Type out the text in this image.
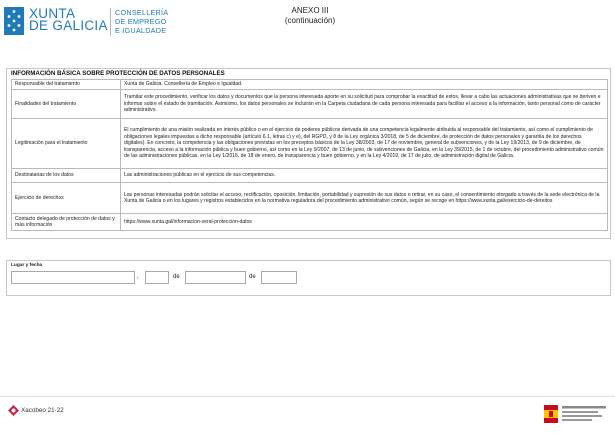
XUNTA
DE GALICIA
CONSELLERÍA
DE EMPREGO
E IGUALDADE
ANEXO III
(continuación)
INFORMACIÓN BÁSICA SOBRE PROTECCIÓN DE DATOS PERSONALES
Responsable del tratamiento	Xunta de Galicia. Consellería de Empleo e Igualdad.
Finalidades del tratamiento	Tramitar este procedimiento, verificar los datos y documentos que la persona interesada aporte en su solicitud para comprobar la exactitud de estos, llevar a cabo las actuaciones administrativas que se deriven e informar sobre el estado de tramitación. Asimismo, los datos personales se incluirán en la Carpeta ciudadana de cada persona interesada para facilitar el acceso a la información, tanto personal como de carácter administrativo.
Legitimación para el tratamiento	El cumplimiento de una misión realizada en interés público o en el ejercicio de poderes públicos derivada de una competencia legalmente atribuida al responsable del tratamiento, así como el cumplimiento de obligaciones legales impuestas a dicho responsable (artículo 6.1, letras c) y e), del RGPD, y 8 de la Ley orgánica 3/2018, de 5 de diciembre, de protección de datos personales y garantía de los derechos digitales). En concreto, la competencia y las obligaciones previstas en los preceptos básicos de la Ley 38/2003, de 17 de noviembre, general de subvenciones, y de la Ley 19/2013, de 9 de diciembre, de transparencia, acceso a la información pública y buen gobierno, así como en la Ley 9/2007, de 13 de junio, de subvenciones de Galicia, en la Ley 39/2015, de 1 de octubre, del procedimiento administrativo común de las administraciones públicas, en la Ley 1/2016, de 18 de enero, de transparencia y buen gobierno, y en la Ley 4/2019, de 17 de julio, de administración digital de Galicia.
Destinatarias de los datos	Las administraciones públicas en el ejercicio de sus competencias.
Ejercicio de derechos	Las personas interesadas podrán solicitar el acceso, rectificación, oposición, limitación, portabilidad y supresión de sus datos o retirar, en su caso, el consentimiento otorgado a través de la sede electrónica de la Xunta de Galicia o en los lugares y registros establecidos en la normativa reguladora del procedimiento administrativo común, según se recoge en https://www.xunta.gal/exercicio-de-dereitos
Contacto delegado de protección de datos y más información	https://www.xunta.gal/informacion-xeral-proteccion-datos
Lugar y fecha
,	de	de
Xacobeo 21·22
